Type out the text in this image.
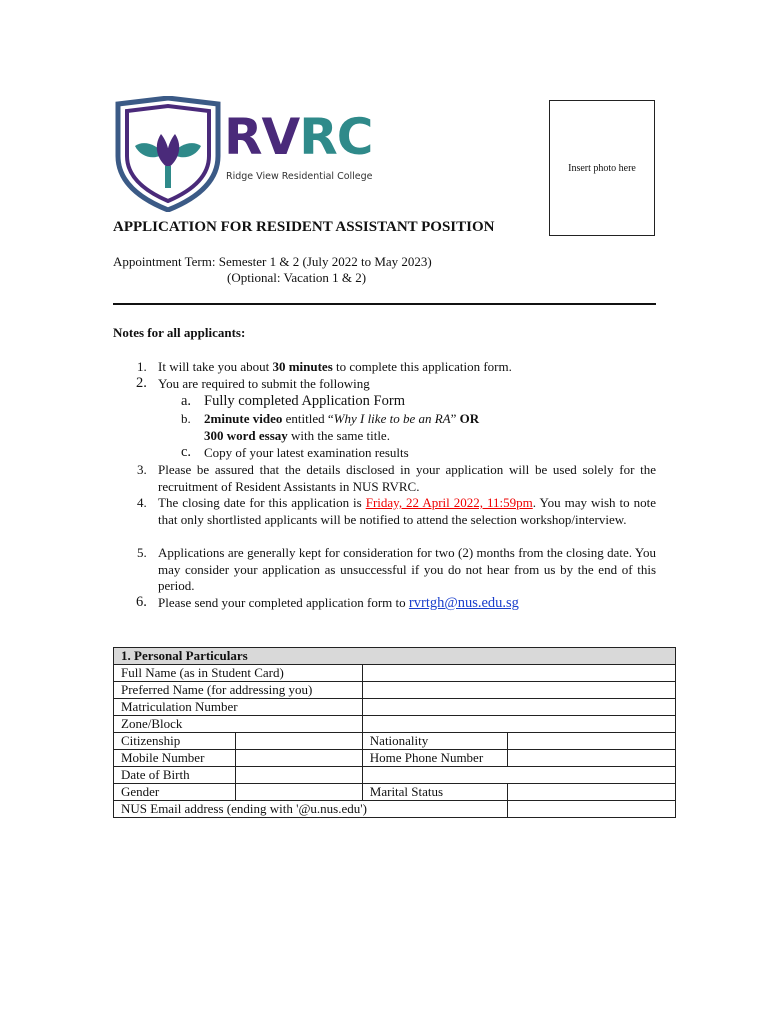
RVRC
Ridge View Residential College
Insert photo here
APPLICATION FOR RESIDENT ASSISTANT POSITION
Appointment Term: Semester 1 & 2 (July 2022 to May 2023)
(Optional: Vacation 1 & 2)
Notes for all applicants:
1. It will take you about 30 minutes to complete this application form.
2. You are required to submit the following
a. Fully completed Application Form
b. 2minute video entitled “Why I like to be an RA” OR
300 word essay with the same title.
c. Copy of your latest examination results
3. Please be assured that the details disclosed in your application will be used solely for the recruitment of Resident Assistants in NUS RVRC.
4. The closing date for this application is Friday, 22 April 2022, 11:59pm. You may wish to note that only shortlisted applicants will be notified to attend the selection workshop/interview.
5. Applications are generally kept for consideration for two (2) months from the closing date. You may consider your application as unsuccessful if you do not hear from us by the end of this period.
6. Please send your completed application form to rvrtgh@nus.edu.sg
1. Personal Particulars			
Full Name (as in Student Card)			
Preferred Name (for addressing you)			
Matriculation Number			
Zone/Block			
Citizenship		Nationality	
Mobile Number		Home Phone Number	
Date of Birth			
Gender		Marital Status	
NUS Email address (ending with '@u.nus.edu')			
